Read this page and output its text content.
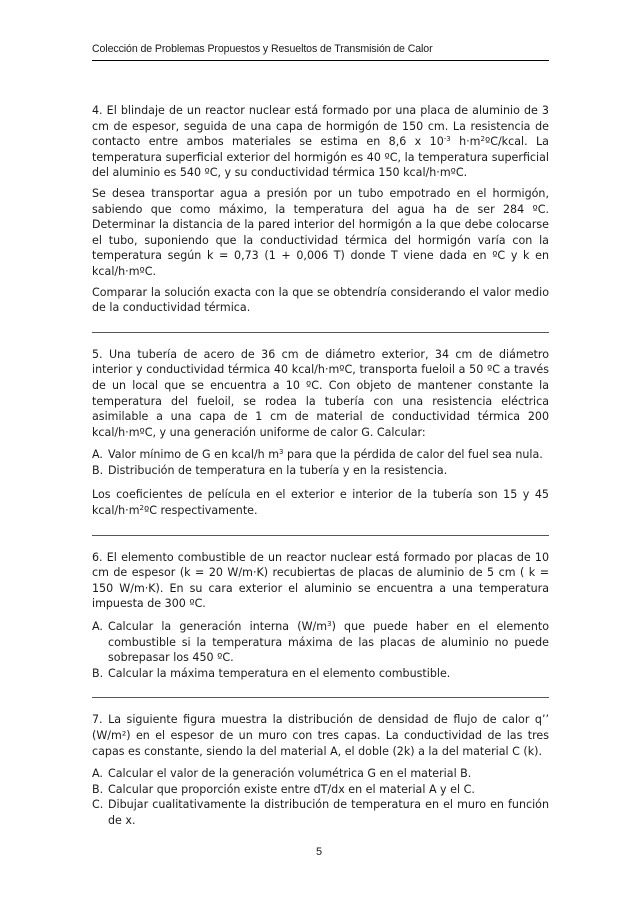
Colección de Problemas Propuestos y Resueltos de Transmisión de Calor

4. El blindaje de un reactor nuclear está formado por una placa de aluminio de 3 cm de espesor, seguida de una capa de hormigón de 150 cm. La resistencia de contacto entre ambos materiales se estima en 8,6 x $10^{-3}$ $h\cdot m^2ºC$/kcal. La temperatura superficial exterior del hormigón es 40 ºC, la temperatura superficial del aluminio es 540 ºC, y su conductividad térmica 150 kcal/h·mºC.

Se desea transportar agua a presión por un tubo empotrado en el hormigón, sabiendo que como máximo, la temperatura del agua ha de ser 284 ºC. Determinar la distancia de la pared interior del hormigón a la que debe colocarse el tubo, suponiendo que la conductividad térmica del hormigón varía con la temperatura según k = 0,73 (1 + 0,006 T) donde T viene dada en ºC y k en kcal/h·mºC.

Comparar la solución exacta con la que se obtendría considerando el valor medio de la conductividad térmica.

5. Una tubería de acero de 36 cm de diámetro exterior, 34 cm de diámetro interior y conductividad térmica 40 kcal/h·mºC, transporta fueloil a 50 ºC a través de un local que se encuentra a 10 ºC. Con objeto de mantener constante la temperatura del fueloil, se rodea la tubería con una resistencia eléctrica asimilable a una capa de 1 cm de material de conductividad térmica 200 kcal/h·mºC, y una generación uniforme de calor G. Calcular:

A. Valor mínimo de G en kcal/h $m^3$ para que la pérdida de calor del fuel sea nula.
B. Distribución de temperatura en la tubería y en la resistencia.

Los coeficientes de película en el exterior e interior de la tubería son 15 y 45 kcal/$h\cdot m^2ºC$ respectivamente.

6. El elemento combustible de un reactor nuclear está formado por placas de 10 cm de espesor (k = 20 W/m·K) recubiertas de placas de aluminio de 5 cm ( k = 150 W/m·K). En su cara exterior el aluminio se encuentra a una temperatura impuesta de 300 ºC.

A. Calcular la generación interna $(W/m^3)$ que puede haber en el elemento combustible si la temperatura máxima de las placas de aluminio no puede sobrepasar los 450 ºC.
B. Calcular la máxima temperatura en el elemento combustible.

7. La siguiente figura muestra la distribución de densidad de flujo de calor q’’ (W/m²) en el espesor de un muro con tres capas. La conductividad de las tres capas es constante, siendo la del material A, el doble (2k) a la del material C (k).

A. Calcular el valor de la generación volumétrica G en el material B.
B. Calcular que proporción existe entre dT/dx en el material A y el C.
C. Dibujar cualitativamente la distribución de temperatura en el muro en función de x.
5
